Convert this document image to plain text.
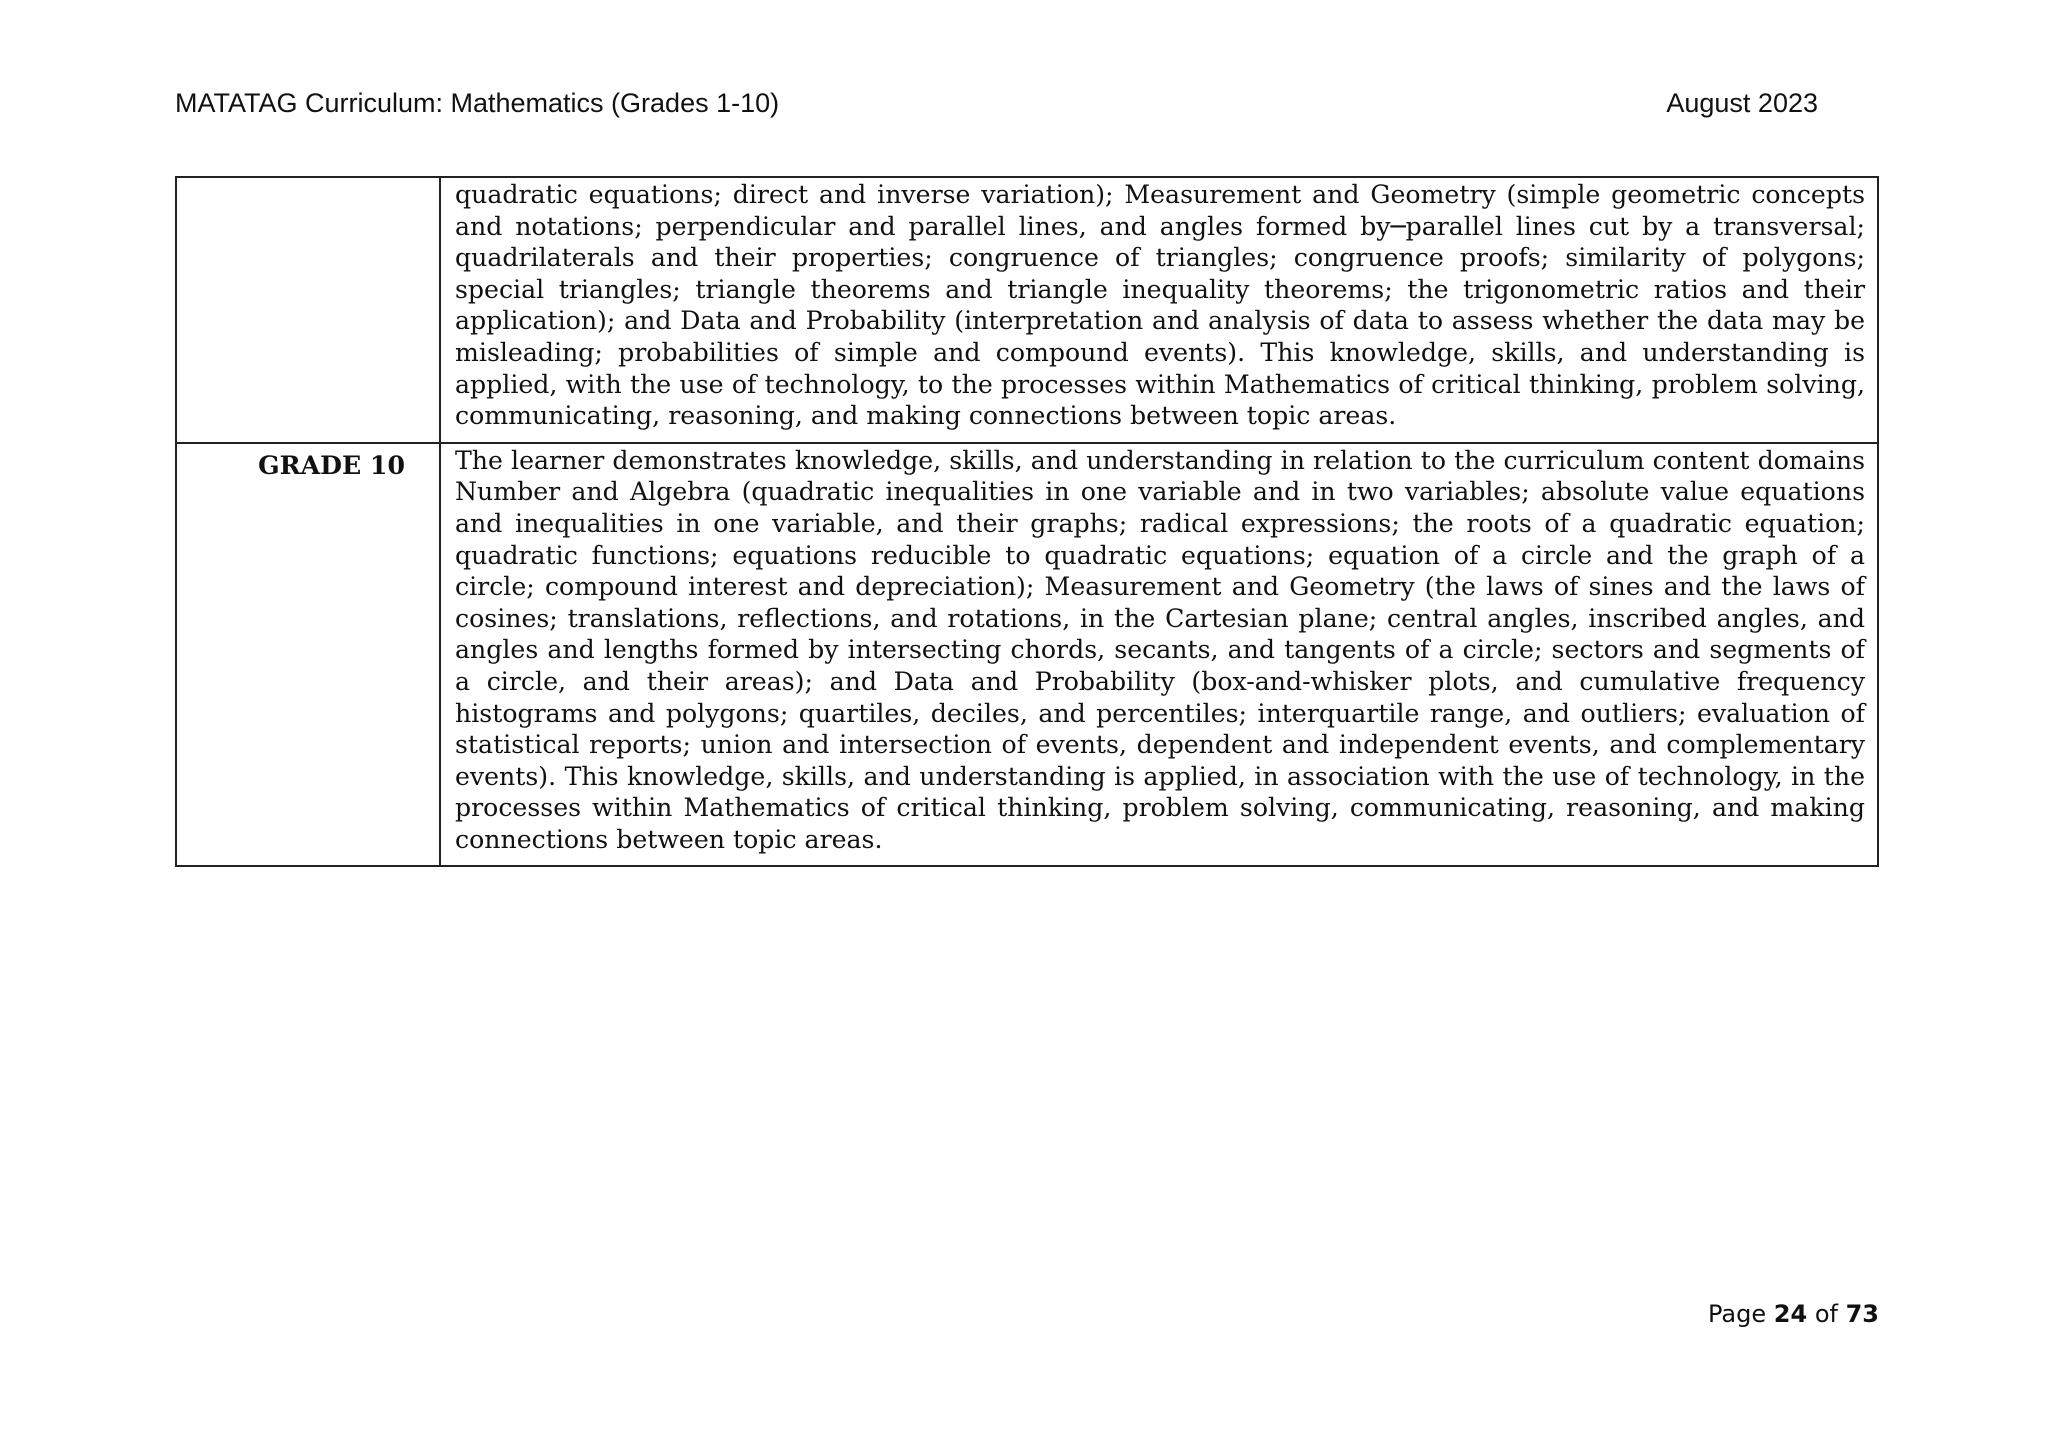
MATATAG Curriculum: Mathematics (Grades 1-10)	August 2023
	quadratic equations; direct and inverse variation); Measurement and Geometry (simple geometric concepts and notations; perpendicular and parallel lines, and angles formed by─parallel lines cut by a transversal; quadrilaterals and their properties; congruence of triangles; congruence proofs; similarity of polygons; special triangles; triangle theorems and triangle inequality theorems; the trigonometric ratios and their application); and Data and Probability (interpretation and analysis of data to assess whether the data may be misleading; probabilities of simple and compound events). This knowledge, skills, and understanding is applied, with the use of technology, to the processes within Mathematics of critical thinking, problem solving, communicating, reasoning, and making connections between topic areas.
GRADE 10	The learner demonstrates knowledge, skills, and understanding in relation to the curriculum content domains Number and Algebra (quadratic inequalities in one variable and in two variables; absolute value equations and inequalities in one variable, and their graphs; radical expressions; the roots of a quadratic equation; quadratic functions; equations reducible to quadratic equations; equation of a circle and the graph of a circle; compound interest and depreciation); Measurement and Geometry (the laws of sines and the laws of cosines; translations, reflections, and rotations, in the Cartesian plane; central angles, inscribed angles, and angles and lengths formed by intersecting chords, secants, and tangents of a circle; sectors and segments of a circle, and their areas); and Data and Probability (box-and-whisker plots, and cumulative frequency histograms and polygons; quartiles, deciles, and percentiles; interquartile range, and outliers; evaluation of statistical reports; union and intersection of events, dependent and independent events, and complementary events). This knowledge, skills, and understanding is applied, in association with the use of technology, in the processes within Mathematics of critical thinking, problem solving, communicating, reasoning, and making connections between topic areas.
Page 24 of 73
